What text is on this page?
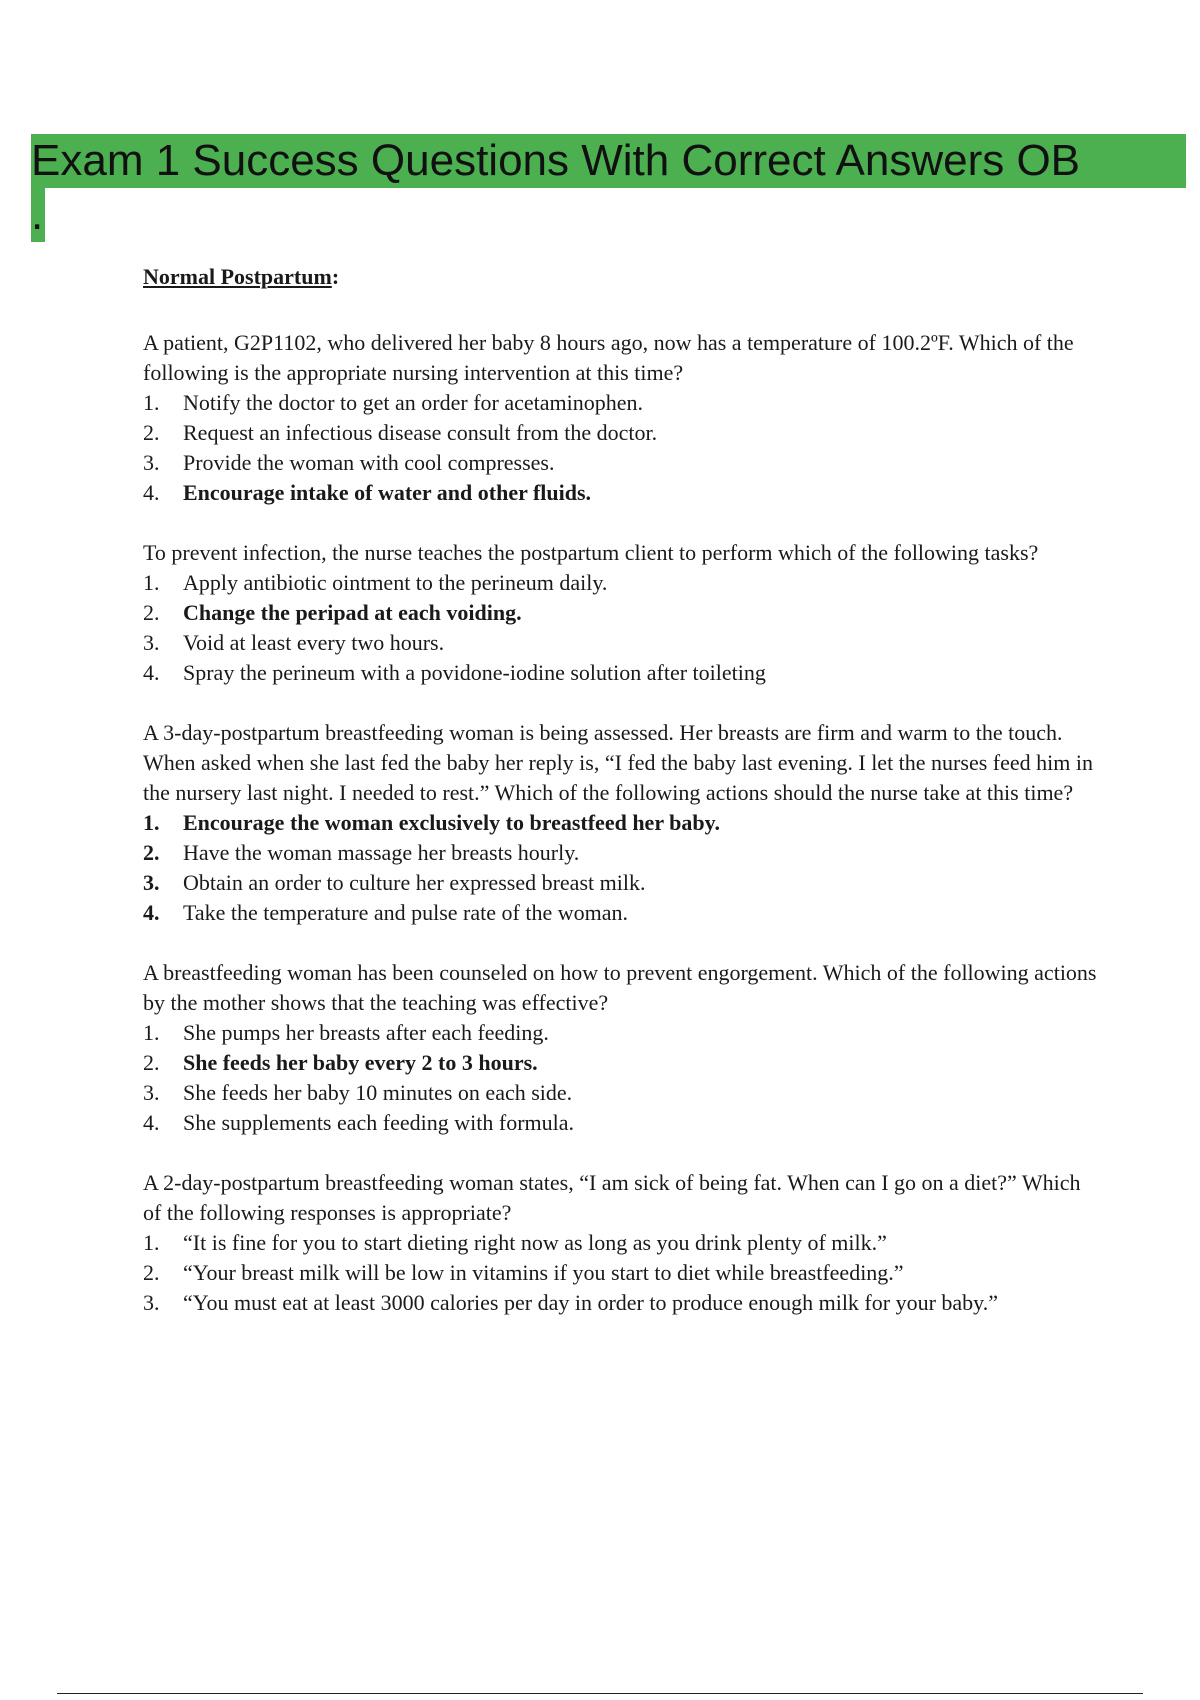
Exam 1 Success Questions With Correct Answers OB
.

Normal Postpartum:

A patient, G2P1102, who delivered her baby 8 hours ago, now has a temperature of 100.2ºF. Which of the following is the appropriate nursing intervention at this time?

1.	Notify the doctor to get an order for acetaminophen.
2.	Request an infectious disease consult from the doctor.
3.	Provide the woman with cool compresses.
4.	Encourage intake of water and other fluids.

To prevent infection, the nurse teaches the postpartum client to perform which of the following tasks?

1.	Apply antibiotic ointment to the perineum daily.
2.	Change the peripad at each voiding.
3.	Void at least every two hours.
4.	Spray the perineum with a povidone-iodine solution after toileting

A 3-day-postpartum breastfeeding woman is being assessed. Her breasts are firm and warm to the touch. When asked when she last fed the baby her reply is, “I fed the baby last evening. I let the nurses feed him in the nursery last night. I needed to rest.” Which of the following actions should the nurse take at this time?

1.	Encourage the woman exclusively to breastfeed her baby.
2.	Have the woman massage her breasts hourly.
3.	Obtain an order to culture her expressed breast milk.
4.	Take the temperature and pulse rate of the woman.

A breastfeeding woman has been counseled on how to prevent engorgement. Which of the following actions by the mother shows that the teaching was effective?

1.	She pumps her breasts after each feeding.
2.	She feeds her baby every 2 to 3 hours.
3.	She feeds her baby 10 minutes on each side.
4.	She supplements each feeding with formula.

A 2-day-postpartum breastfeeding woman states, “I am sick of being fat. When can I go on a diet?” Which of the following responses is appropriate?

1.	“It is fine for you to start dieting right now as long as you drink plenty of milk.”
2.	“Your breast milk will be low in vitamins if you start to diet while breastfeeding.”
3.	“You must eat at least 3000 calories per day in order to produce enough milk for your baby.”
